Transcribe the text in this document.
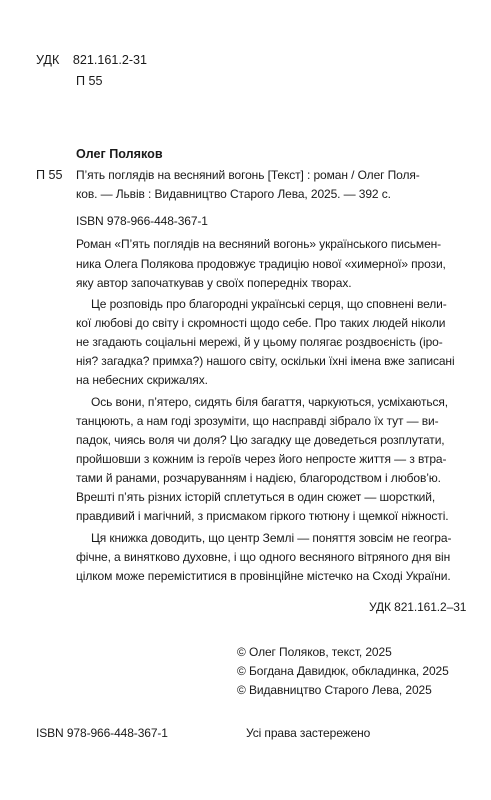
УДК 821.161.2-31
П 55
Олег Поляков
П 55 П’ять поглядів на весняний вогонь [Текст] : роман / Олег Поля-
ков. — Львів : Видавництво Старого Лева, 2025. — 392 с.
ISBN 978-966-448-367-1
Роман «П’ять поглядів на весняний вогонь» українського письмен-
ника Олега Полякова продовжує традицію нової «химерної» прози,
яку автор започаткував у своїх попередніх творах.
Це розповідь про благородні українські серця, що сповнені вели-
кої любові до світу і скромності щодо себе. Про таких людей ніколи
не згадають соціальні мережі, й у цьому полягає роздвоєність (іро-
нія? загадка? примха?) нашого світу, оскільки їхні імена вже записані
на небесних скрижалях.
Ось вони, п’ятеро, сидять біля багаття, чаркуються, усміхаються,
танцюють, а нам годі зрозуміти, що насправді зібрало їх тут — ви-
падок, чиясь воля чи доля? Цю загадку ще доведеться розплутати,
пройшовши з кожним із героїв через його непросте життя — з втра-
тами й ранами, розчаруванням і надією, благородством і любов’ю.
Врешті п’ять різних історій сплетуться в один сюжет — шорсткий,
правдивий і магічний, з присмаком гіркого тютюну і щемкої ніжності.
Ця книжка доводить, що центр Землі — поняття зовсім не геогра-
фічне, а винятково духовне, і що одного весняного вітряного дня він
цілком може переміститися в провінційне містечко на Сході України.
УДК 821.161.2–31
© Олег Поляков, текст, 2025
© Богдана Давидюк, обкладинка, 2025
© Видавництво Старого Лева, 2025
ISBN 978-966-448-367-1	Усі права застережено
